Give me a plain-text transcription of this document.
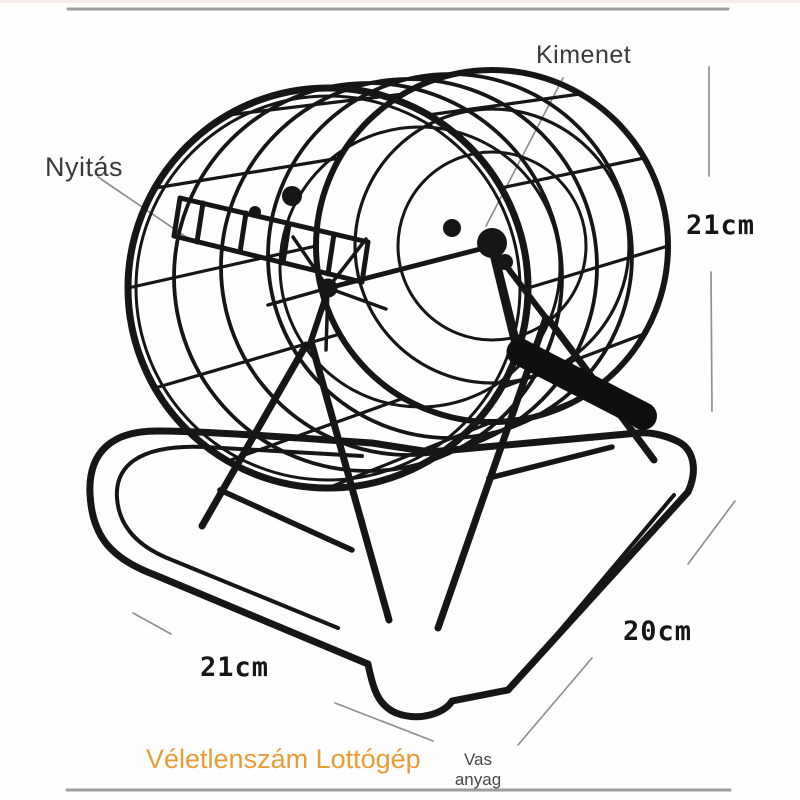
Kimenet
Nyitás
21cm
21cm
20cm
Véletlenszám Lottógép	Vas
anyag
